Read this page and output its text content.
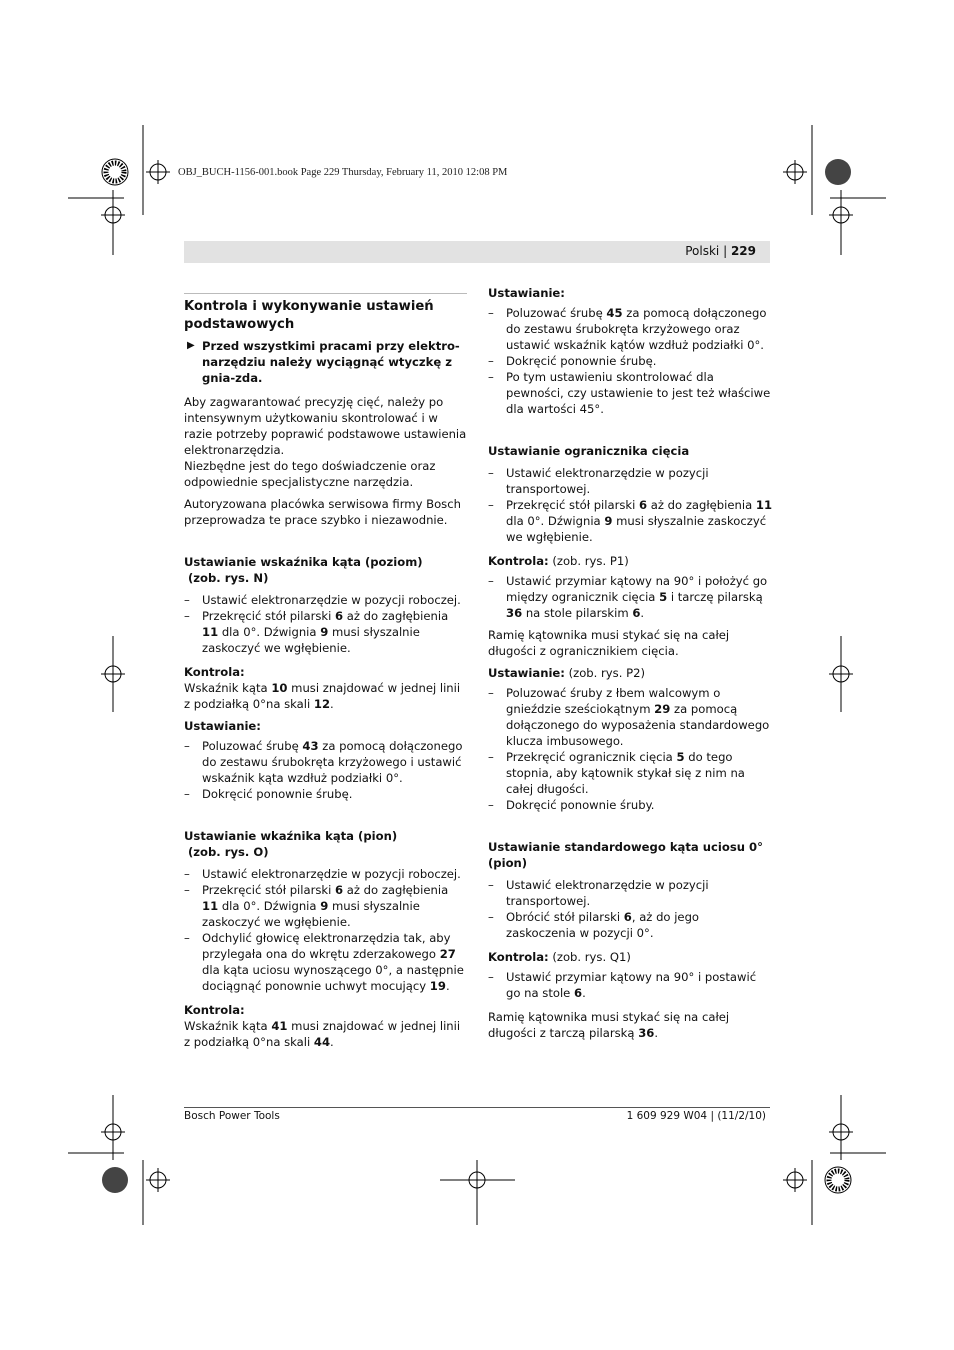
OBJ_BUCH-1156-001.book Page 229 Thursday, February 11, 2010 12:08 PM
Polski | 229
Kontrola i wykonywanie ustawień podstawowych
▶ Przed wszystkimi pracami przy elektro-narzędziu należy wyciągnąć wtyczkę z gnia-zda.

Aby zagwarantować precyzję cięć, należy po intensywnym użytkowaniu skontrolować i w razie potrzeby poprawić podstawowe ustawienia elektronarzędzia.

Niezbędne jest do tego doświadczenie oraz odpowiednie specjalistyczne narzędzia.

Autoryzowana placówka serwisowa firmy Bosch przeprowadza te prace szybko i niezawodnie.

Ustawianie wskaźnika kąta (poziom)
(zob. rys. N)
– Ustawić elektronarzędzie w pozycji roboczej.
– Przekręcić stół pilarski 6 aż do zagłębienia 11 dla 0°. Dźwignia 9 musi słyszalnie zaskoczyć we wgłębienie.
Kontrola:

Wskaźnik kąta 10 musi znajdować w jednej linii z podziałką 0°na skali 12.

Ustawianie:
– Poluzować śrubę 43 za pomocą dołączonego do zestawu śrubokręta krzyżowego i ustawić wskaźnik kąta wzdłuż podziałki 0°.
– Dokręcić ponownie śrubę.
Ustawianie wkaźnika kąta (pion)
(zob. rys. O)
– Ustawić elektronarzędzie w pozycji roboczej.
– Przekręcić stół pilarski 6 aż do zagłębienia 11 dla 0°. Dźwignia 9 musi słyszalnie zaskoczyć we wgłębienie.
– Odchylić głowicę elektronarzędzia tak, aby przylegała ona do wkrętu zderzakowego 27 dla kąta uciosu wynoszącego 0°, a następnie dociągnąć ponownie uchwyt mocujący 19.
Kontrola:

Wskaźnik kąta 41 musi znajdować w jednej linii z podziałką 0°na skali 44.

Ustawianie:
– Poluzować śrubę 45 za pomocą dołączonego do zestawu śrubokręta krzyżowego oraz ustawić wskaźnik kątów wzdłuż podziałki 0°.
– Dokręcić ponownie śrubę.
– Po tym ustawieniu skontrolować dla pewności, czy ustawienie to jest też właściwe dla wartości 45°.
Ustawianie ogranicznika cięcia
– Ustawić elektronarzędzie w pozycji transportowej.
– Przekręcić stół pilarski 6 aż do zagłębienia 11 dla 0°. Dźwignia 9 musi słyszalnie zaskoczyć we wgłębienie.
Kontrola: (zob. rys. P1)
– Ustawić przymiar kątowy na 90° i położyć go między ogranicznik cięcia 5 i tarczę pilarską 36 na stole pilarskim 6.

Ramię kątownika musi stykać się na całej długości z ogranicznikiem cięcia.

Ustawianie: (zob. rys. P2)
– Poluzować śruby z łbem walcowym o gnieździe sześciokątnym 29 za pomocą dołączonego do wyposażenia standardowego klucza imbusowego.
– Przekręcić ogranicznik cięcia 5 do tego stopnia, aby kątownik stykał się z nim na całej długości.
– Dokręcić ponownie śruby.
Ustawianie standardowego kąta uciosu 0° (pion)
– Ustawić elektronarzędzie w pozycji transportowej.
– Obrócić stół pilarski 6, aż do jego zaskoczenia w pozycji 0°.
Kontrola: (zob. rys. Q1)
– Ustawić przymiar kątowy na 90° i postawić go na stole 6.

Ramię kątownika musi stykać się na całej długości z tarczą pilarską 36.

Bosch Power Tools	1 609 929 W04 | (11/2/10)
